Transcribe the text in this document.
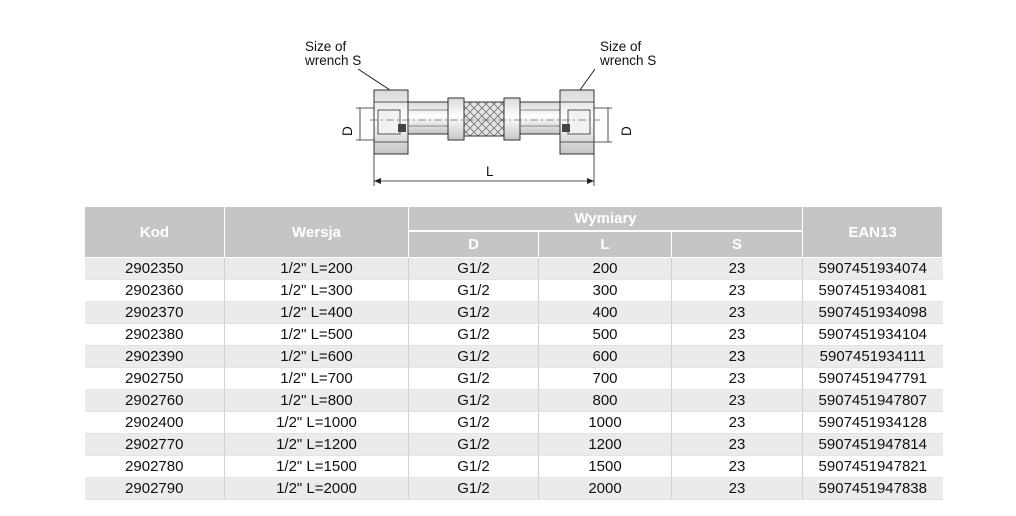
Size of
wrench S
Size of
wrench S
D	D
L
Kod	Wersja	Wymiary			EAN13
		D	L	S	
2902350	1/2" L=200	G1/2	200	23	5907451934074
2902360	1/2" L=300	G1/2	300	23	5907451934081
2902370	1/2" L=400	G1/2	400	23	5907451934098
2902380	1/2" L=500	G1/2	500	23	5907451934104
2902390	1/2" L=600	G1/2	600	23	5907451934111
2902750	1/2" L=700	G1/2	700	23	5907451947791
2902760	1/2" L=800	G1/2	800	23	5907451947807
2902400	1/2" L=1000	G1/2	1000	23	5907451934128
2902770	1/2" L=1200	G1/2	1200	23	5907451947814
2902780	1/2" L=1500	G1/2	1500	23	5907451947821
2902790	1/2" L=2000	G1/2	2000	23	5907451947838
